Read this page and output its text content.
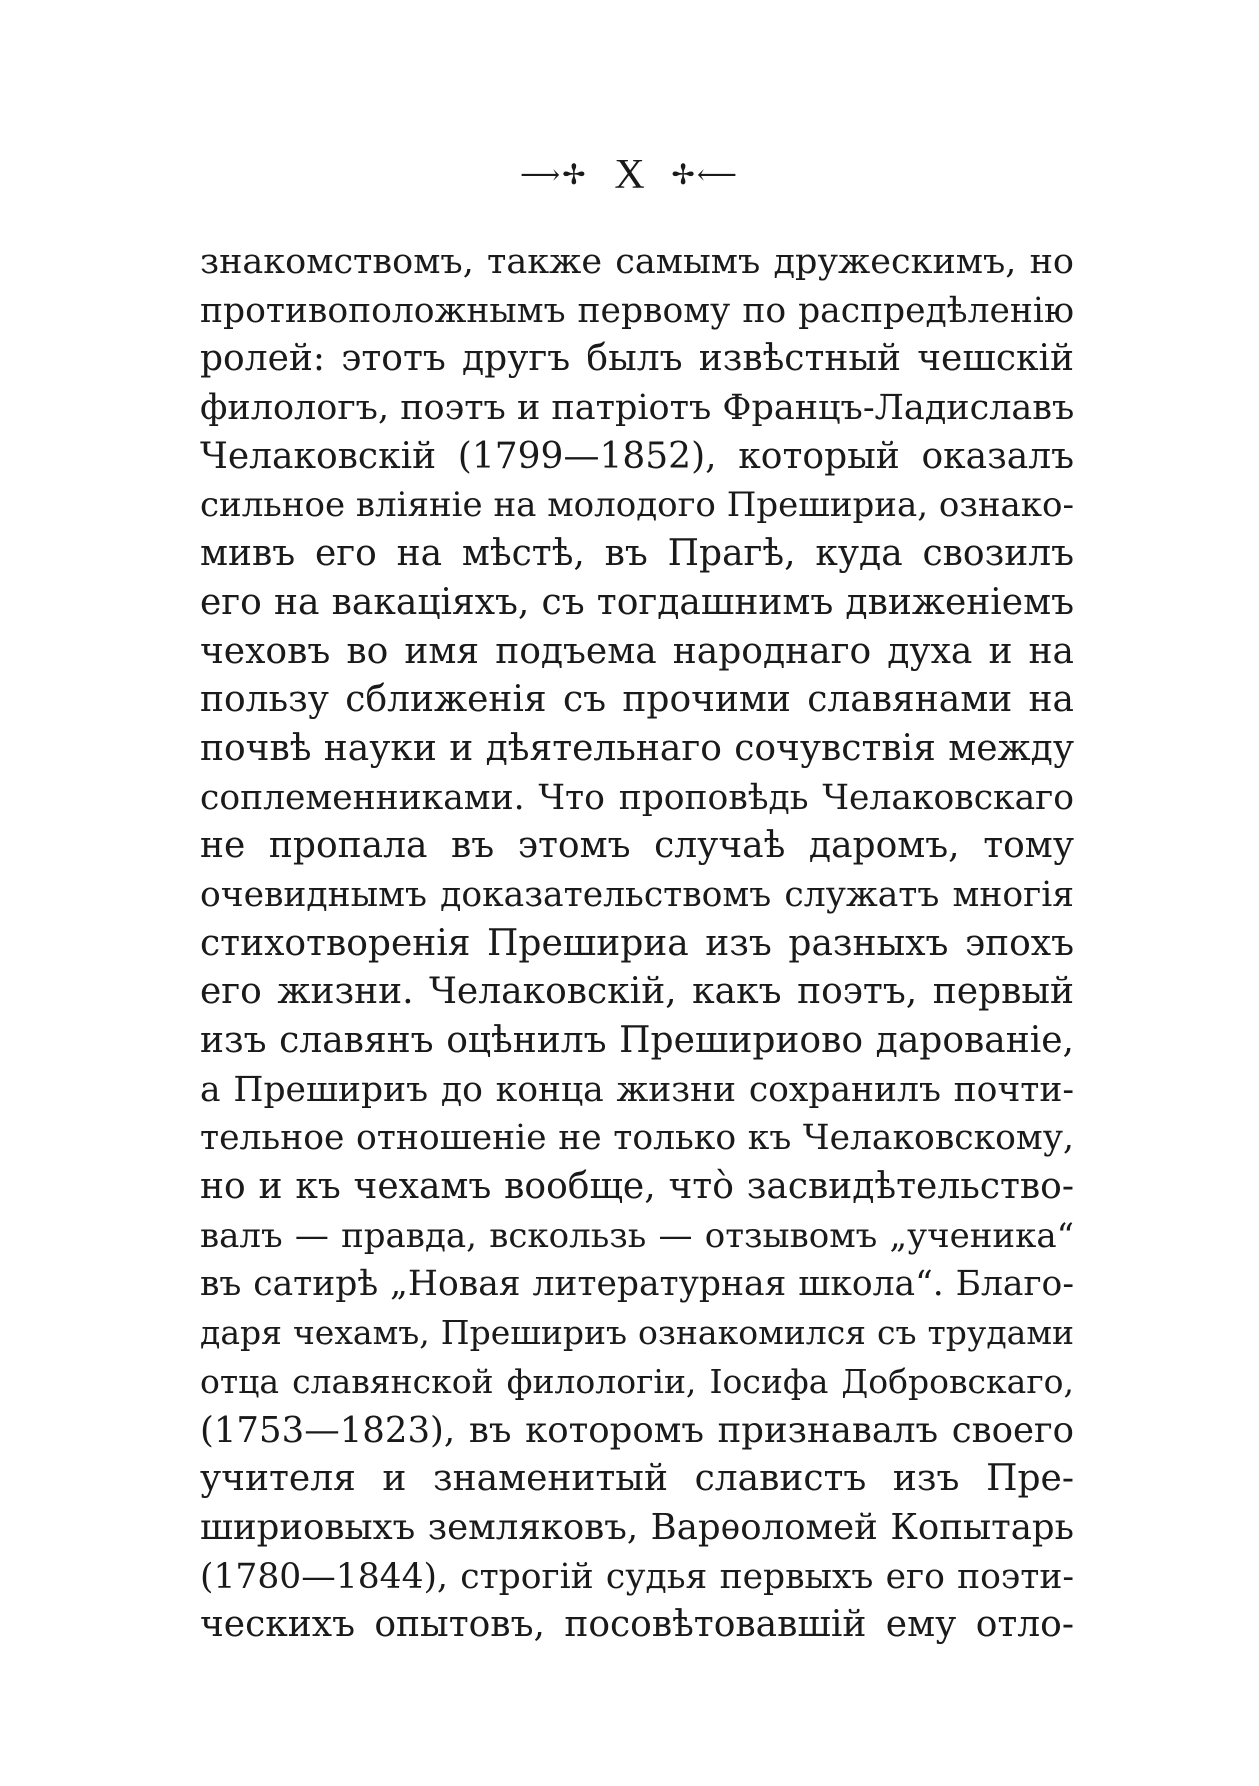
⟶✢ X ✢⟵
знакомствомъ, также самымъ дружескимъ, но
противоположнымъ первому по распредѣленію
ролей: этотъ другъ былъ извѣстный чешскій
филологъ, поэтъ и патріотъ Францъ-Ладиславъ
Челаковскій (1799—1852), который оказалъ
сильное вліяніе на молодого Прешириа, ознако-
мивъ его на мѣстѣ, въ Прагѣ, куда свозилъ
его на вакаціяхъ, съ тогдашнимъ движеніемъ
чеховъ во имя подъема народнаго духа и на
пользу сближенія съ прочими славянами на
почвѣ науки и дѣятельнаго сочувствія между
соплеменниками. Что проповѣдь Челаковскаго
не пропала въ этомъ случаѣ даромъ, тому
очевиднымъ доказательствомъ служатъ многія
стихотворенія Прешириа изъ разныхъ эпохъ
его жизни. Челаковскій, какъ поэтъ, первый
изъ славянъ оцѣнилъ Прешириово дарованіе,
а Прешириъ до конца жизни сохранилъ почти-
тельное отношеніе не только къ Челаковскому,
но и къ чехамъ вообще, что̀ засвидѣтельство-
валъ — правда, вскользь — отзывомъ „ученика“
въ сатирѣ „Новая литературная школа“. Благо-
даря чехамъ, Прешириъ ознакомился съ трудами
отца славянской филологіи, Іосифа Добровскаго,
(1753—1823), въ которомъ признавалъ своего
учителя и знаменитый славистъ изъ Пре-
шириовыхъ земляковъ, Варѳоломей Копытарь
(1780—1844), строгій судья первыхъ его поэти-
ческихъ опытовъ, посовѣтовавшій ему отло-
